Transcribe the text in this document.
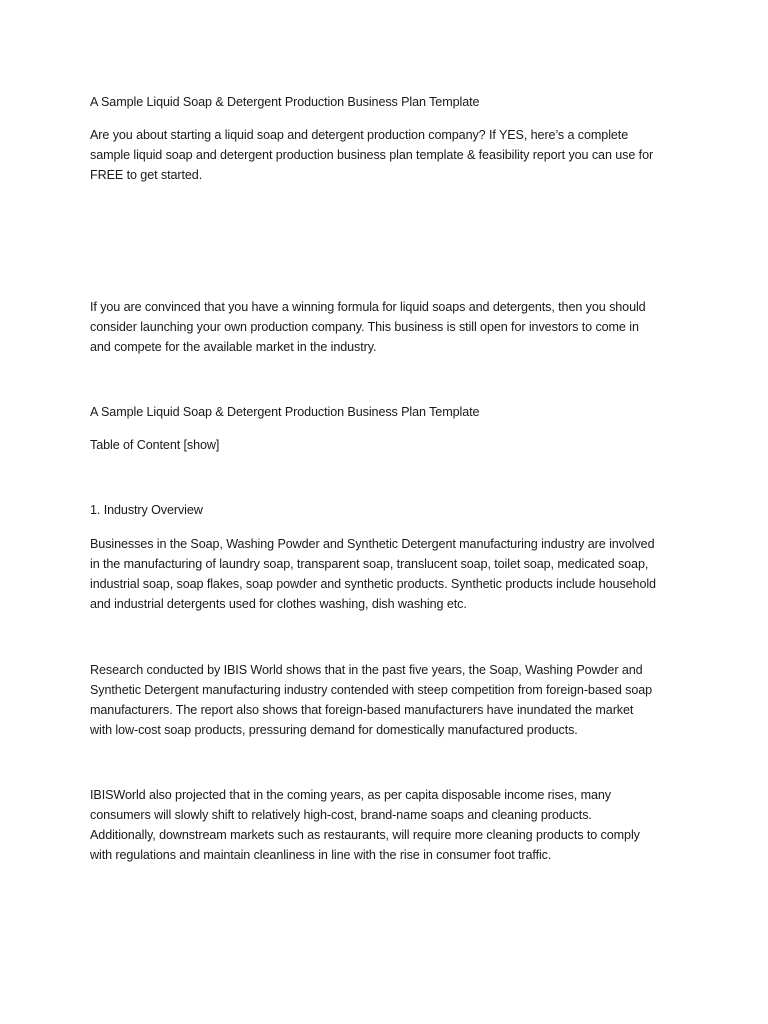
A Sample Liquid Soap & Detergent Production Business Plan Template

Are you about starting a liquid soap and detergent production company? If YES, here’s a complete
sample liquid soap and detergent production business plan template & feasibility report you can use for
FREE to get started.

If you are convinced that you have a winning formula for liquid soaps and detergents, then you should
consider launching your own production company. This business is still open for investors to come in
and compete for the available market in the industry.

A Sample Liquid Soap & Detergent Production Business Plan Template

Table of Content [show]

1. Industry Overview

Businesses in the Soap, Washing Powder and Synthetic Detergent manufacturing industry are involved
in the manufacturing of laundry soap, transparent soap, translucent soap, toilet soap, medicated soap,
industrial soap, soap flakes, soap powder and synthetic products. Synthetic products include household
and industrial detergents used for clothes washing, dish washing etc.

Research conducted by IBIS World shows that in the past five years, the Soap, Washing Powder and
Synthetic Detergent manufacturing industry contended with steep competition from foreign-based soap
manufacturers. The report also shows that foreign-based manufacturers have inundated the market
with low-cost soap products, pressuring demand for domestically manufactured products.

IBISWorld also projected that in the coming years, as per capita disposable income rises, many
consumers will slowly shift to relatively high-cost, brand-name soaps and cleaning products.
Additionally, downstream markets such as restaurants, will require more cleaning products to comply
with regulations and maintain cleanliness in line with the rise in consumer foot traffic.
